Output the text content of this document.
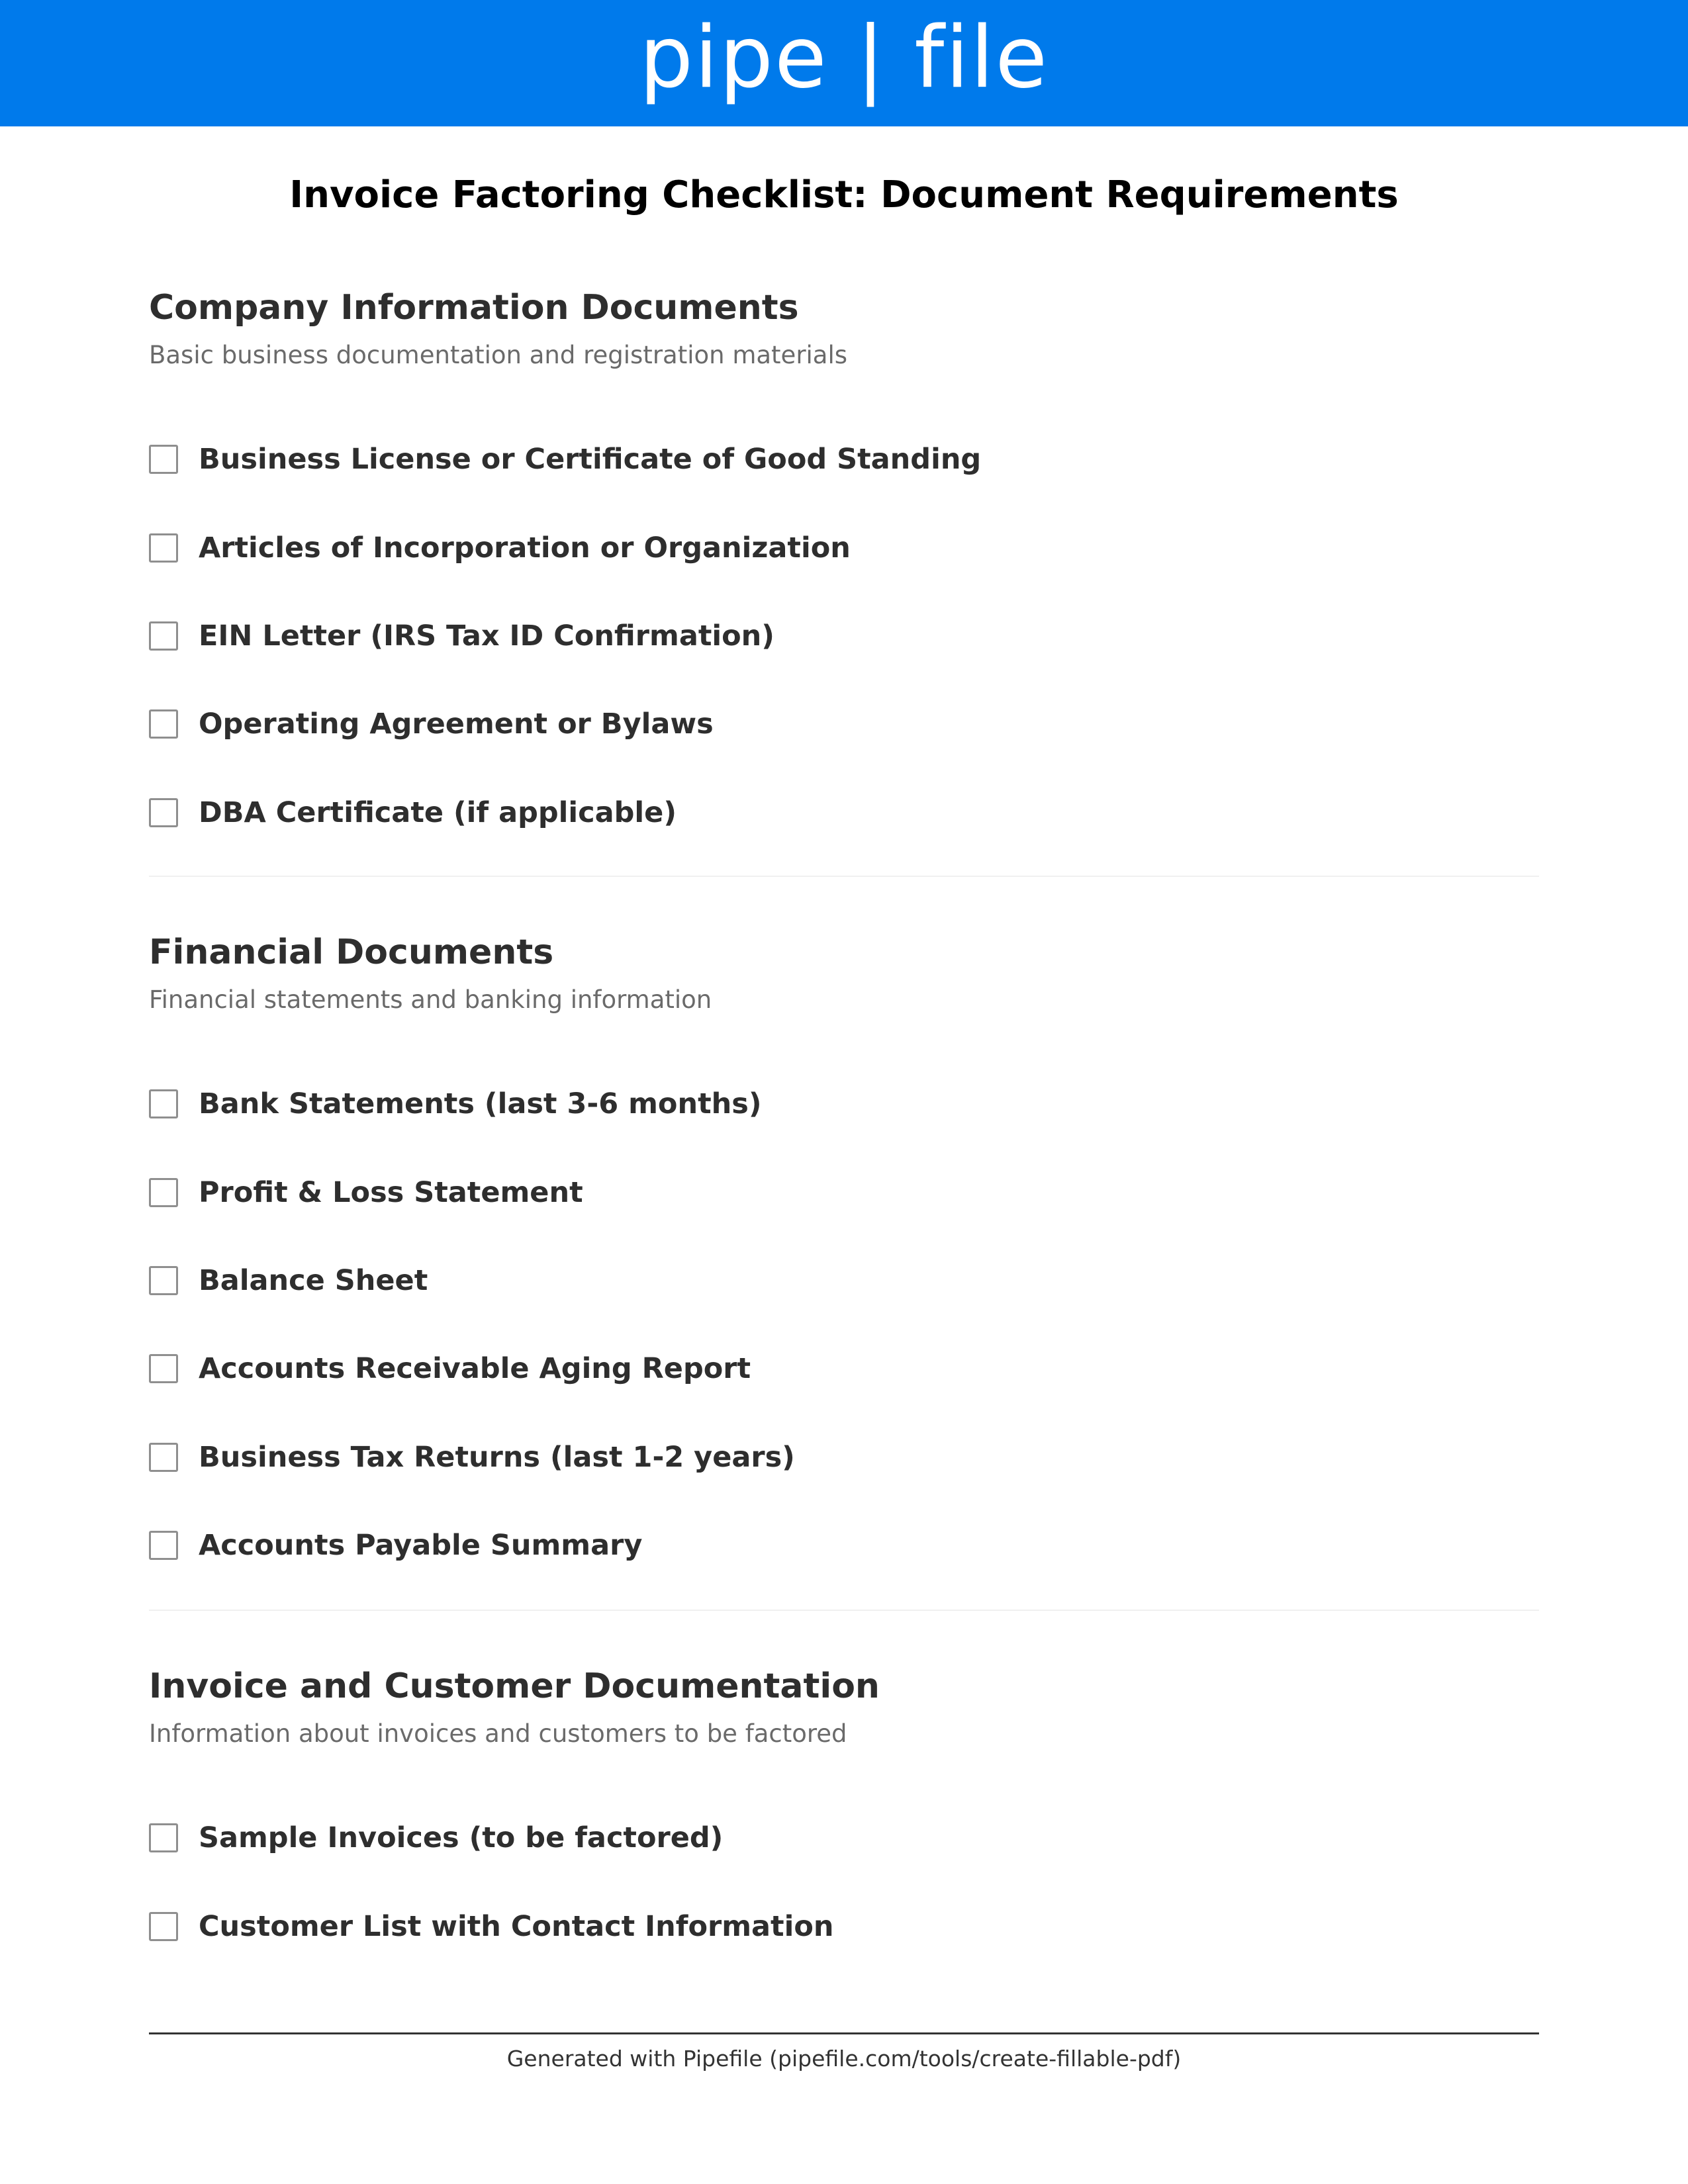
pipe | file
Invoice Factoring Checklist: Document Requirements
Company Information Documents
Basic business documentation and registration materials
Business License or Certificate of Good Standing
Articles of Incorporation or Organization
EIN Letter (IRS Tax ID Confirmation)
Operating Agreement or Bylaws
DBA Certificate (if applicable)
Financial Documents
Financial statements and banking information
Bank Statements (last 3-6 months)
Profit & Loss Statement
Balance Sheet
Accounts Receivable Aging Report
Business Tax Returns (last 1-2 years)
Accounts Payable Summary
Invoice and Customer Documentation
Information about invoices and customers to be factored
Sample Invoices (to be factored)
Customer List with Contact Information
Generated with Pipefile (pipefile.com/tools/create-fillable-pdf)
